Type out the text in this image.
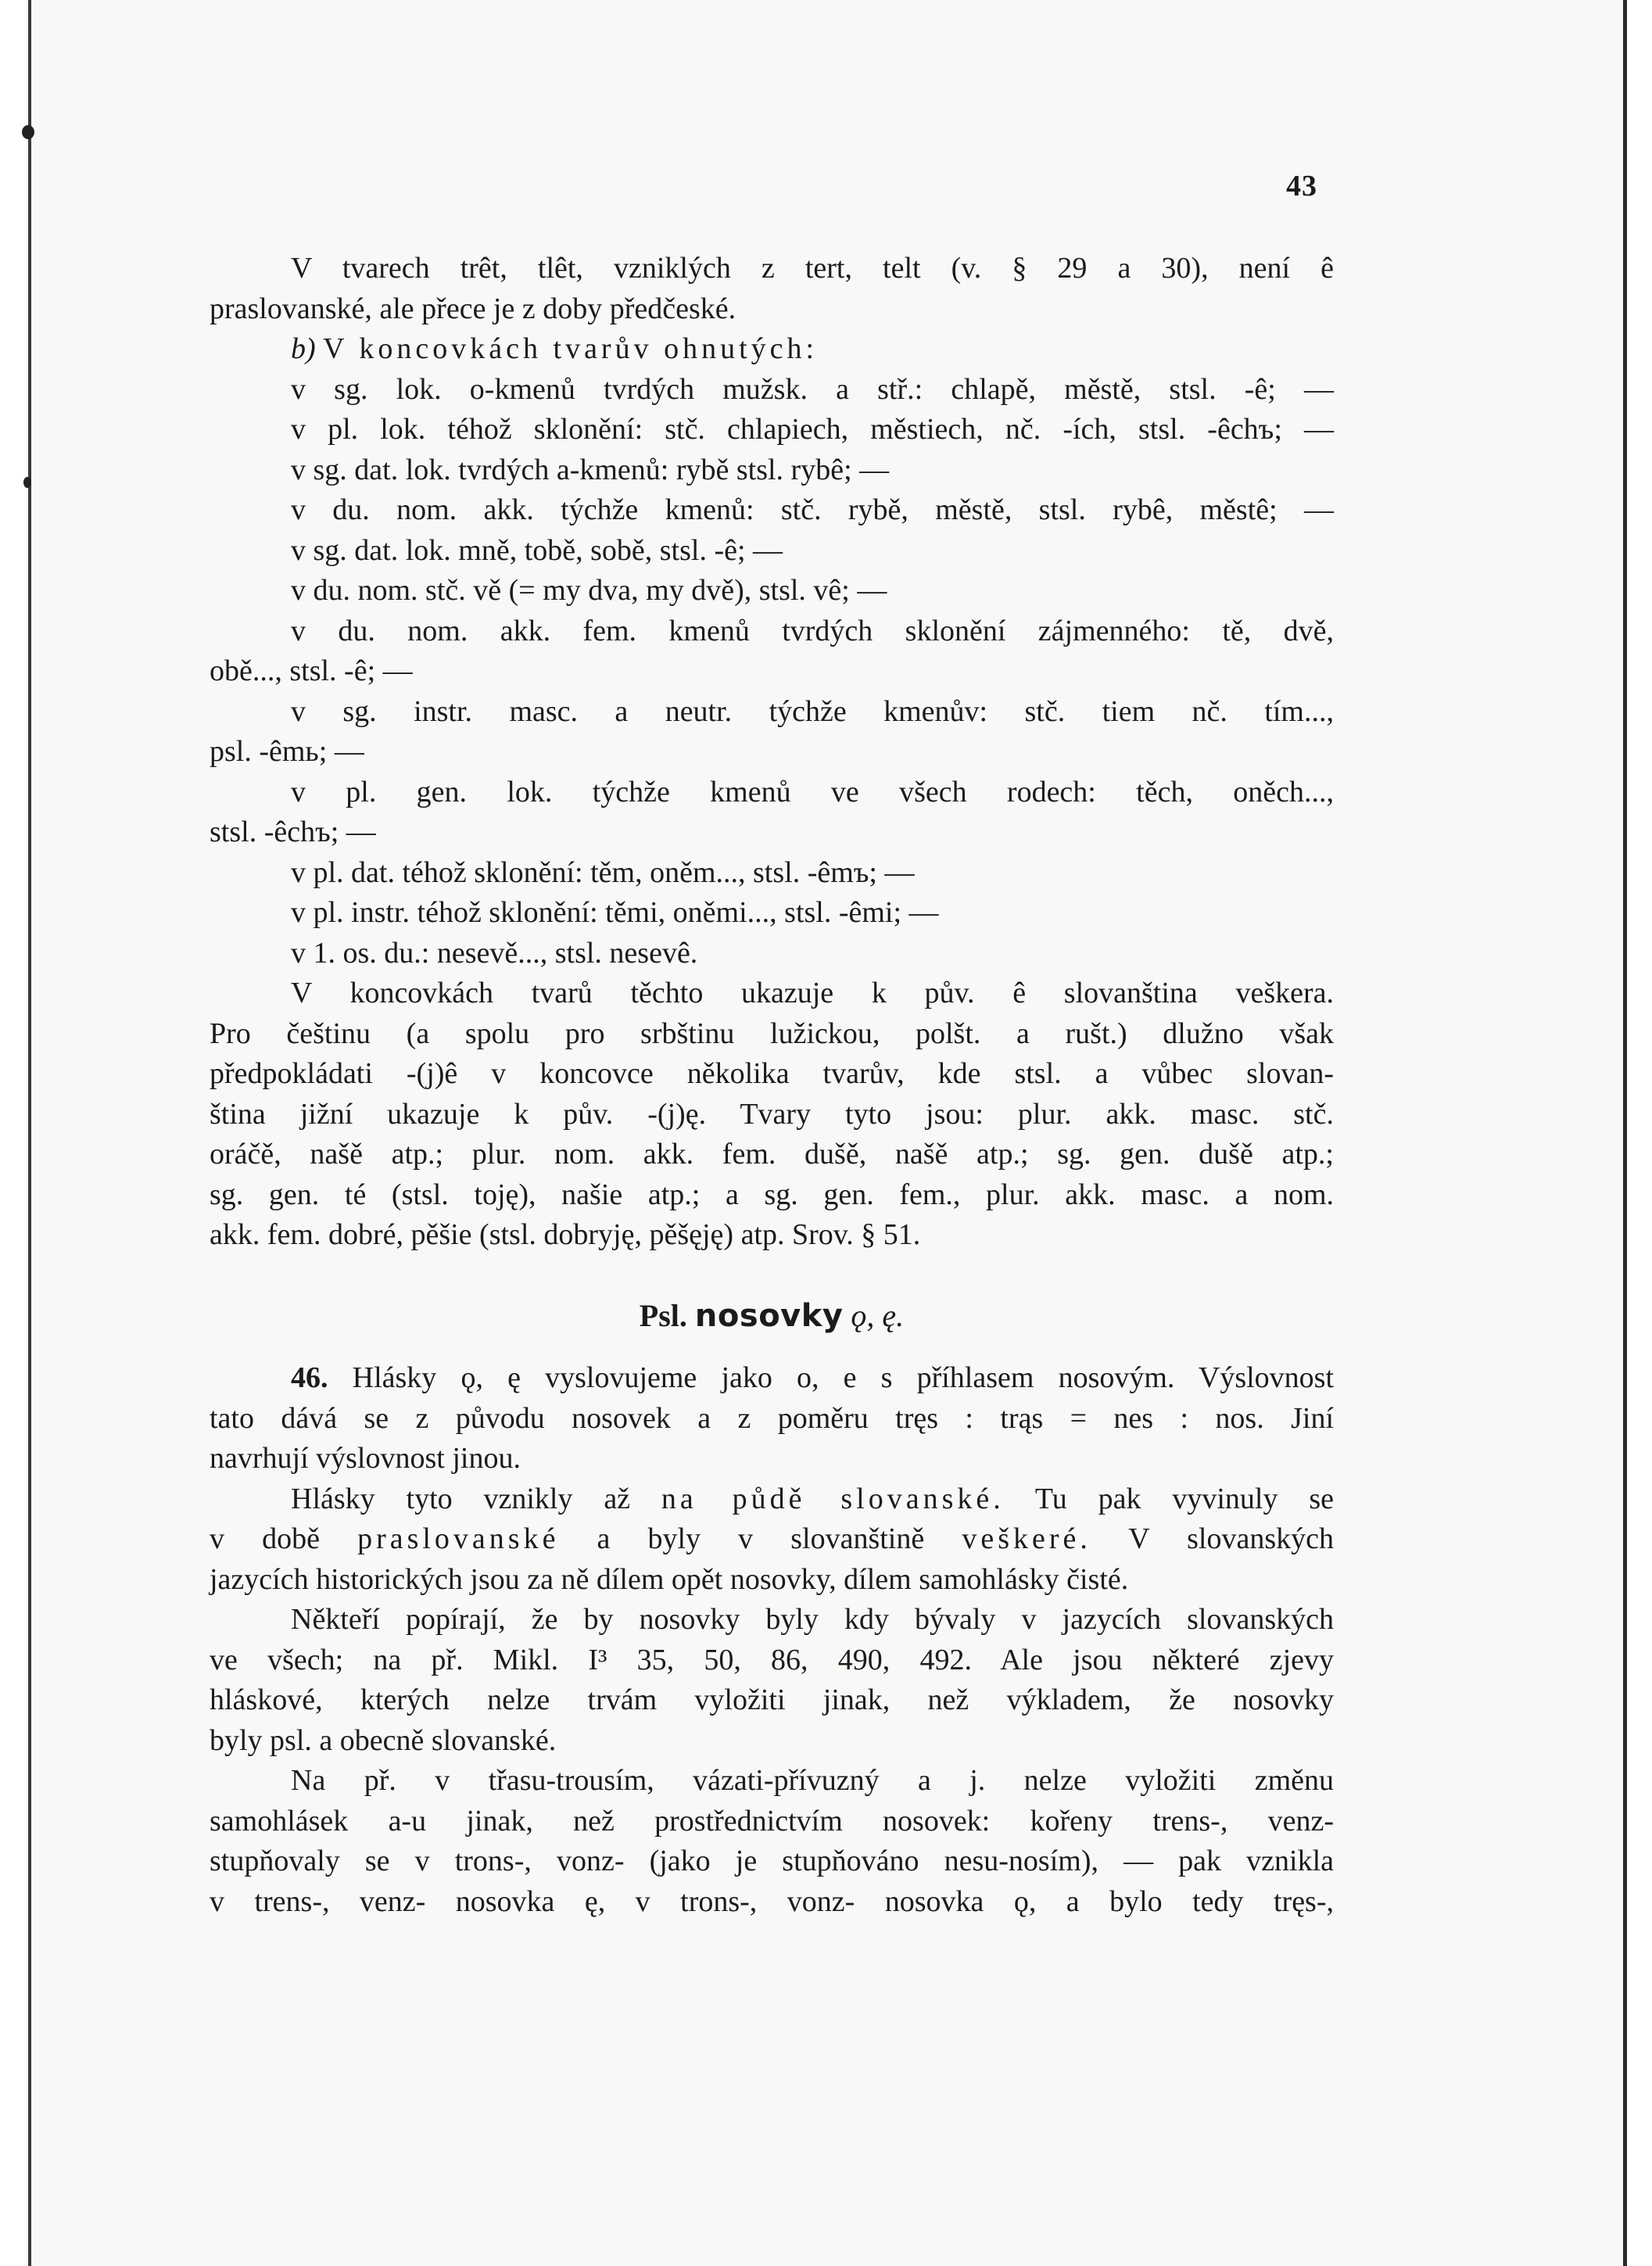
43
V tvarech trêt, tlêt, vzniklých z tert, telt (v. § 29 a 30), není ê
praslovanské, ale přece je z doby předčeské.
b) V koncovkách tvarův ohnutých:
v sg. lok. o-kmenů tvrdých mužsk. a stř.: chlapě, městě, stsl. -ê; —
v pl. lok. téhož sklonění: stč. chlapiech, městiech, nč. -ích, stsl. -êchъ; —
v sg. dat. lok. tvrdých a-kmenů: rybě stsl. rybê; —
v du. nom. akk. týchže kmenů: stč. rybě, městě, stsl. rybê, městê; —
v sg. dat. lok. mně, tobě, sobě, stsl. -ê; —
v du. nom. stč. vě (= my dva, my dvě), stsl. vê; —
v du. nom. akk. fem. kmenů tvrdých sklonění zájmenného: tě, dvě,
obě..., stsl. -ê; —
v sg. instr. masc. a neutr. týchže kmenův: stč. tiem nč. tím...,
psl. -êmь; —
v pl. gen. lok. týchže kmenů ve všech rodech: těch, oněch...,
stsl. -êchъ; —
v pl. dat. téhož sklonění: těm, oněm..., stsl. -êmъ; —
v pl. instr. téhož sklonění: těmi, oněmi..., stsl. -êmi; —
v 1. os. du.: nesevě..., stsl. nesevê.
V koncovkách tvarů těchto ukazuje k pův. ê slovanština veškera.
Pro češtinu (a spolu pro srbštinu lužickou, polšt. a rušt.) dlužno však
předpokládati -(j)ê v koncovce několika tvarův, kde stsl. a vůbec slovan-
ština jižní ukazuje k pův. -(j)ę. Tvary tyto jsou: plur. akk. masc. stč.
oráčě, našě atp.; plur. nom. akk. fem. dušě, našě atp.; sg. gen. dušě atp.;
sg. gen. té (stsl. toję), našie atp.; a sg. gen. fem., plur. akk. masc. a nom.
akk. fem. dobré, pěšie (stsl. dobryję, pěšęję) atp. Srov. § 51.
Psl. nosovky ǫ, ę.
46. Hlásky ǫ, ę vyslovujeme jako o, e s příhlasem nosovým. Výslovnost
tato dává se z původu nosovek a z poměru tręs : trąs = nes : nos. Jiní
navrhují výslovnost jinou.
Hlásky tyto vznikly až na půdě slovanské. Tu pak vyvinuly se
v době praslovanské a byly v slovanštině veškeré. V slovanských
jazycích historických jsou za ně dílem opět nosovky, dílem samohlásky čisté.
Někteří popírají, že by nosovky byly kdy bývaly v jazycích slovanských
ve všech; na př. Mikl. I³ 35, 50, 86, 490, 492. Ale jsou některé zjevy
hláskové, kterých nelze trvám vyložiti jinak, než výkladem, že nosovky
byly psl. a obecně slovanské.
Na př. v třasu-trousím, vázati-přívuzný a j. nelze vyložiti změnu
samohlásek a-u jinak, než prostřednictvím nosovek: kořeny trens-, venz-
stupňovaly se v trons-, vonz- (jako je stupňováno nesu-nosím), — pak vznikla
v trens-, venz- nosovka ę, v trons-, vonz- nosovka ǫ, a bylo tedy tręs-,
